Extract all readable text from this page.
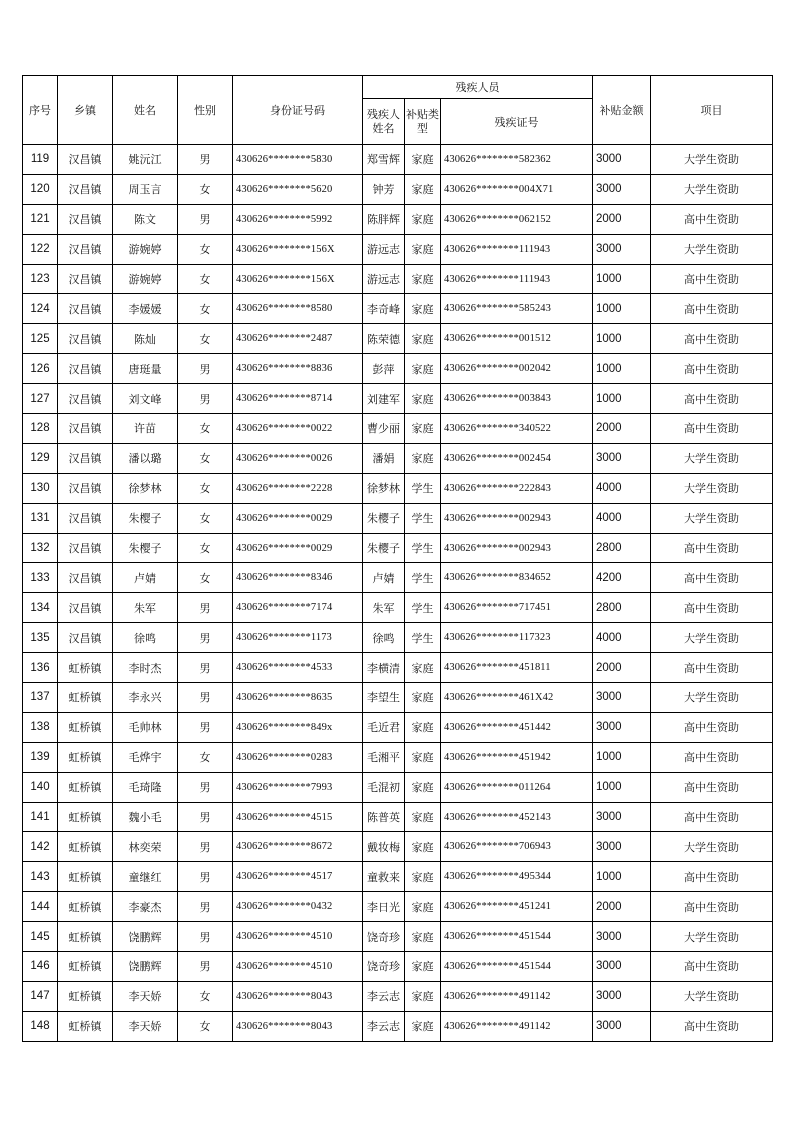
序号	乡镇	姓名	性别	身份证号码	残疾人员			补贴金额	项目
					残疾人姓名	补贴类型	残疾证号		
119	汉昌镇	姚沅江	男	430626********5830	郑雪辉	家庭	430626********582362	3000	大学生资助
120	汉昌镇	周玉言	女	430626********5620	钟芳	家庭	430626********004X71	3000	大学生资助
121	汉昌镇	陈文	男	430626********5992	陈胖辉	家庭	430626********062152	2000	高中生资助
122	汉昌镇	游婉婷	女	430626********156X	游远志	家庭	430626********111943	3000	大学生资助
123	汉昌镇	游婉婷	女	430626********156X	游远志	家庭	430626********111943	1000	高中生资助
124	汉昌镇	李媛媛	女	430626********8580	李奇峰	家庭	430626********585243	1000	高中生资助
125	汉昌镇	陈灿	女	430626********2487	陈荣德	家庭	430626********001512	1000	高中生资助
126	汉昌镇	唐珽量	男	430626********8836	彭萍	家庭	430626********002042	1000	高中生资助
127	汉昌镇	刘文峰	男	430626********8714	刘建军	家庭	430626********003843	1000	高中生资助
128	汉昌镇	许苗	女	430626********0022	曹少丽	家庭	430626********340522	2000	高中生资助
129	汉昌镇	潘以璐	女	430626********0026	潘娟	家庭	430626********002454	3000	大学生资助
130	汉昌镇	徐梦林	女	430626********2228	徐梦林	学生	430626********222843	4000	大学生资助
131	汉昌镇	朱樱子	女	430626********0029	朱樱子	学生	430626********002943	4000	大学生资助
132	汉昌镇	朱樱子	女	430626********0029	朱樱子	学生	430626********002943	2800	高中生资助
133	汉昌镇	卢婧	女	430626********8346	卢婧	学生	430626********834652	4200	高中生资助
134	汉昌镇	朱军	男	430626********7174	朱军	学生	430626********717451	2800	高中生资助
135	汉昌镇	徐鸣	男	430626********1173	徐鸣	学生	430626********117323	4000	大学生资助
136	虹桥镇	李时杰	男	430626********4533	李横清	家庭	430626********451811	2000	高中生资助
137	虹桥镇	李永兴	男	430626********8635	李望生	家庭	430626********461X42	3000	大学生资助
138	虹桥镇	毛帅林	男	430626********849x	毛近君	家庭	430626********451442	3000	高中生资助
139	虹桥镇	毛烨宇	女	430626********0283	毛湘平	家庭	430626********451942	1000	高中生资助
140	虹桥镇	毛琦隆	男	430626********7993	毛混初	家庭	430626********011264	1000	高中生资助
141	虹桥镇	魏小毛	男	430626********4515	陈普英	家庭	430626********452143	3000	高中生资助
142	虹桥镇	林奕荣	男	430626********8672	戴妆梅	家庭	430626********706943	3000	大学生资助
143	虹桥镇	童继红	男	430626********4517	童救来	家庭	430626********495344	1000	高中生资助
144	虹桥镇	李豪杰	男	430626********0432	李日光	家庭	430626********451241	2000	高中生资助
145	虹桥镇	饶鹏辉	男	430626********4510	饶奇珍	家庭	430626********451544	3000	大学生资助
146	虹桥镇	饶鹏辉	男	430626********4510	饶奇珍	家庭	430626********451544	3000	高中生资助
147	虹桥镇	李天娇	女	430626********8043	李云志	家庭	430626********491142	3000	大学生资助
148	虹桥镇	李天娇	女	430626********8043	李云志	家庭	430626********491142	3000	高中生资助
